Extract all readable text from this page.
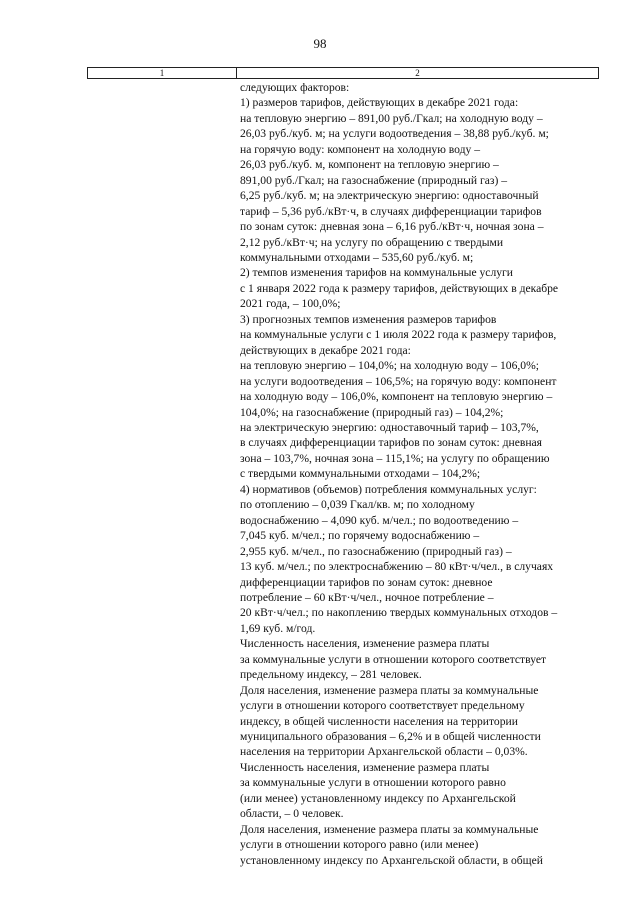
98
1	2
следующих факторов:
1) размеров тарифов, действующих в декабре 2021 года:
на тепловую энергию – 891,00 руб./Гкал; на холодную воду –
26,03 руб./куб. м; на услуги водоотведения – 38,88 руб./куб. м;
на горячую воду: компонент на холодную воду –
26,03 руб./куб. м, компонент на тепловую энергию –
891,00 руб./Гкал; на газоснабжение (природный газ) –
6,25 руб./куб. м; на электрическую энергию: одноставочный
тариф – 5,36 руб./кВт·ч, в случаях дифференциации тарифов
по зонам суток: дневная зона – 6,16 руб./кВт·ч, ночная зона –
2,12 руб./кВт·ч; на услугу по обращению с твердыми
коммунальными отходами – 535,60 руб./куб. м;
2) темпов изменения тарифов на коммунальные услуги
с 1 января 2022 года к размеру тарифов, действующих в декабре
2021 года, – 100,0%;
3) прогнозных темпов изменения размеров тарифов
на коммунальные услуги с 1 июля 2022 года к размеру тарифов,
действующих в декабре 2021 года:
на тепловую энергию – 104,0%; на холодную воду – 106,0%;
на услуги водоотведения – 106,5%; на горячую воду: компонент
на холодную воду – 106,0%, компонент на тепловую энергию –
104,0%; на газоснабжение (природный газ) – 104,2%;
на электрическую энергию: одноставочный тариф – 103,7%,
в случаях дифференциации тарифов по зонам суток: дневная
зона – 103,7%, ночная зона – 115,1%; на услугу по обращению
с твердыми коммунальными отходами – 104,2%;
4) нормативов (объемов) потребления коммунальных услуг:
по отоплению – 0,039 Гкал/кв. м; по холодному
водоснабжению – 4,090 куб. м/чел.; по водоотведению –
7,045 куб. м/чел.; по горячему водоснабжению –
2,955 куб. м/чел., по газоснабжению (природный газ) –
13 куб. м/чел.; по электроснабжению – 80 кВт·ч/чел., в случаях
дифференциации тарифов по зонам суток: дневное
потребление – 60 кВт·ч/чел., ночное потребление –
20 кВт·ч/чел.; по накоплению твердых коммунальных отходов –
1,69 куб. м/год.
Численность населения, изменение размера платы
за коммунальные услуги в отношении которого соответствует
предельному индексу, – 281 человек.
Доля населения, изменение размера платы за коммунальные
услуги в отношении которого соответствует предельному
индексу, в общей численности населения на территории
муниципального образования – 6,2% и в общей численности
населения на территории Архангельской области – 0,03%.
Численность населения, изменение размера платы
за коммунальные услуги в отношении которого равно
(или менее) установленному индексу по Архангельской
области, – 0 человек.
Доля населения, изменение размера платы за коммунальные
услуги в отношении которого равно (или менее)
установленному индексу по Архангельской области, в общей
